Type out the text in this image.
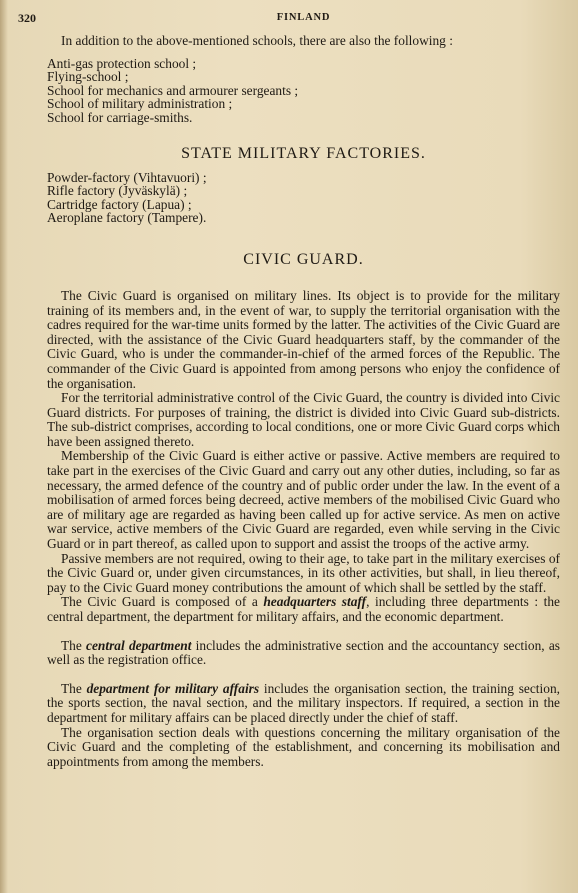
320	FINLAND

In addition to the above-mentioned schools, there are also the following :

Anti-gas protection school ;
Flying-school ;
School for mechanics and armourer sergeants ;
School of military administration ;
School for carriage-smiths.
STATE MILITARY FACTORIES.
Powder-factory (Vihtavuori) ;
Rifle factory (Jyväskylä) ;
Cartridge factory (Lapua) ;
Aeroplane factory (Tampere).
CIVIC GUARD.

The Civic Guard is organised on military lines. Its object is to provide for the military training of its members and, in the event of war, to supply the territorial organisation with the cadres required for the war-time units formed by the latter. The activities of the Civic Guard are directed, with the assistance of the Civic Guard headquarters staff, by the commander of the Civic Guard, who is under the commander-in-chief of the armed forces of the Republic. The commander of the Civic Guard is appointed from among persons who enjoy the confidence of the organisation.

For the territorial administrative control of the Civic Guard, the country is divided into Civic Guard districts. For purposes of training, the district is divided into Civic Guard sub-districts. The sub-district comprises, according to local conditions, one or more Civic Guard corps which have been assigned thereto.

Membership of the Civic Guard is either active or passive. Active members are required to take part in the exercises of the Civic Guard and carry out any other duties, including, so far as necessary, the armed defence of the country and of public order under the law. In the event of a mobilisation of armed forces being decreed, active members of the mobilised Civic Guard who are of military age are regarded as having been called up for active service. As men on active war service, active members of the Civic Guard are regarded, even while serving in the Civic Guard or in part thereof, as called upon to support and assist the troops of the active army.

Passive members are not required, owing to their age, to take part in the military exercises of the Civic Guard or, under given circumstances, in its other activities, but shall, in lieu thereof, pay to the Civic Guard money contributions the amount of which shall be settled by the staff.

The Civic Guard is composed of a headquarters staff, including three departments : the central department, the department for military affairs, and the economic department.

The central department includes the administrative section and the accountancy section, as well as the registration office.

The department for military affairs includes the organisation section, the training section, the sports section, the naval section, and the military inspectors. If required, a section in the department for military affairs can be placed directly under the chief of staff.

The organisation section deals with questions concerning the military organisation of the Civic Guard and the completing of the establishment, and concerning its mobilisation and appointments from among the members.
